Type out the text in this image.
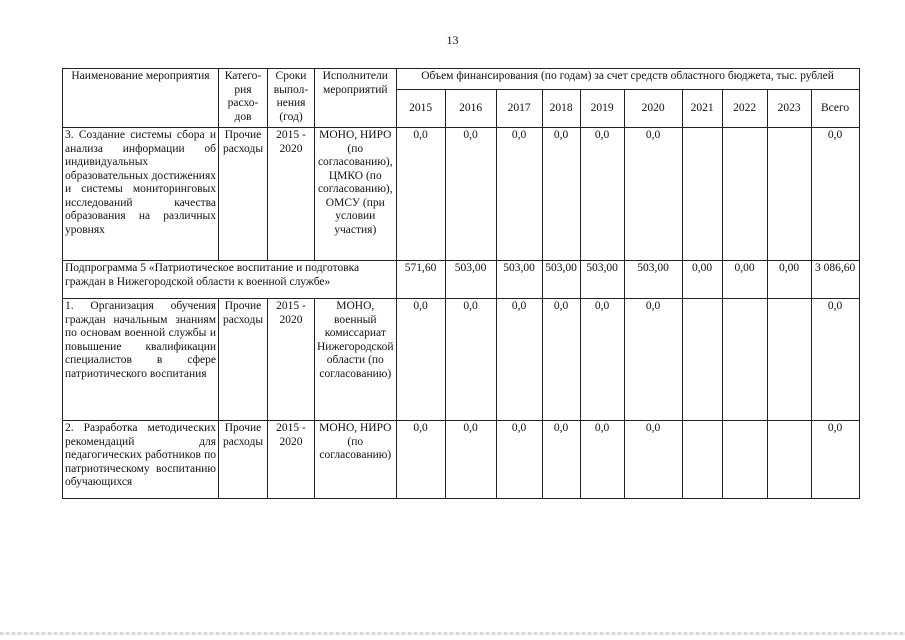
13
Наименование мероприятия	Катего-рия расхо-дов	Сроки выпол-нения (год)	Исполнители мероприятий	Объем финансирования (по годам) за счет средств областного бюджета, тыс. рублей									
				2015	2016	2017	2018	2019	2020	2021	2022	2023	Всего
3. Создание системы сбора и анализа информации об индивидуальных образовательных достижениях и системы мониторинговых исследований качества образования на различных уровнях	Прочие расходы	2015 - 2020	МОНО, НИРО (по согласованию), ЦМКО (по согласованию), ОМСУ (при условии участия)	0,0	0,0	0,0	0,0	0,0	0,0				0,0
Подпрограмма 5 «Патриотическое воспитание и подготовка граждан в Нижегородской области к военной службе»				571,60	503,00	503,00	503,00	503,00	503,00	0,00	0,00	0,00	3 086,60
1. Организация обучения граждан начальным знаниям по основам военной службы и повышение квалификации специалистов в сфере патриотического воспитания	Прочие расходы	2015 - 2020	МОНО, военный комиссариат Нижегородской области (по согласованию)	0,0	0,0	0,0	0,0	0,0	0,0				0,0
2. Разработка методических рекомендаций для педагогических работников по патриотическому воспитанию обучающихся	Прочие расходы	2015 - 2020	МОНО, НИРО (по согласованию)	0,0	0,0	0,0	0,0	0,0	0,0				0,0
